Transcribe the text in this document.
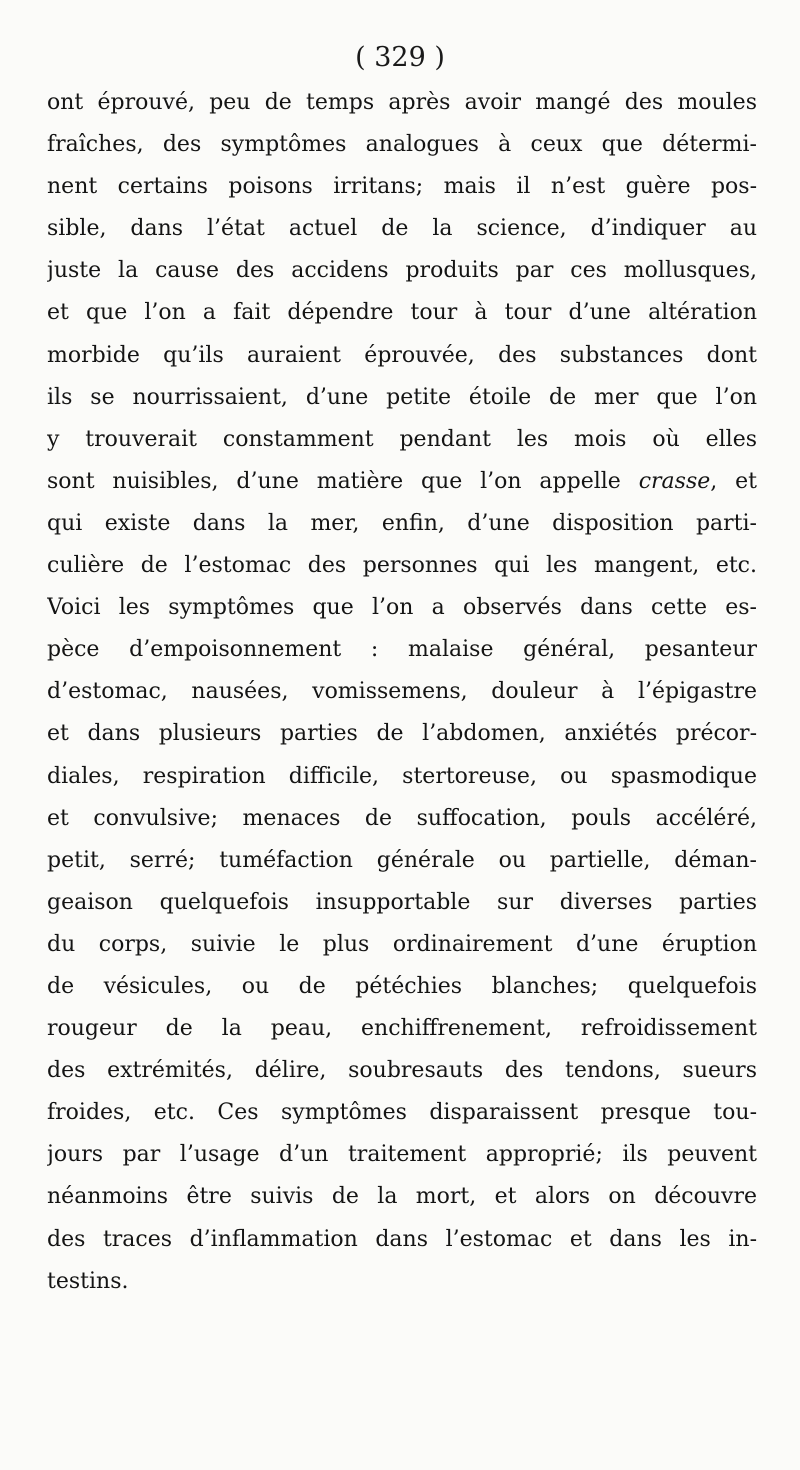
( 329 )
ont éprouvé, peu de temps après avoir mangé des moules
fraîches, des symptômes analogues à ceux que détermi-
nent certains poisons irritans; mais il n’est guère pos-
sible, dans l’état actuel de la science, d’indiquer au
juste la cause des accidens produits par ces mollusques,
et que l’on a fait dépendre tour à tour d’une altération
morbide qu’ils auraient éprouvée, des substances dont
ils se nourrissaient, d’une petite étoile de mer que l’on
y trouverait constamment pendant les mois où elles
sont nuisibles, d’une matière que l’on appelle crasse, et
qui existe dans la mer, enfin, d’une disposition parti-
culière de l’estomac des personnes qui les mangent, etc.
Voici les symptômes que l’on a observés dans cette es-
pèce d’empoisonnement : malaise général, pesanteur
d’estomac, nausées, vomissemens, douleur à l’épigastre
et dans plusieurs parties de l’abdomen, anxiétés précor-
diales, respiration difficile, stertoreuse, ou spasmodique
et convulsive; menaces de suffocation, pouls accéléré,
petit, serré; tuméfaction générale ou partielle, déman-
geaison quelquefois insupportable sur diverses parties
du corps, suivie le plus ordinairement d’une éruption
de vésicules, ou de pétéchies blanches; quelquefois
rougeur de la peau, enchiffrenement, refroidissement
des extrémités, délire, soubresauts des tendons, sueurs
froides, etc. Ces symptômes disparaissent presque tou-
jours par l’usage d’un traitement approprié; ils peuvent
néanmoins être suivis de la mort, et alors on découvre
des traces d’inflammation dans l’estomac et dans les in-
testins.
